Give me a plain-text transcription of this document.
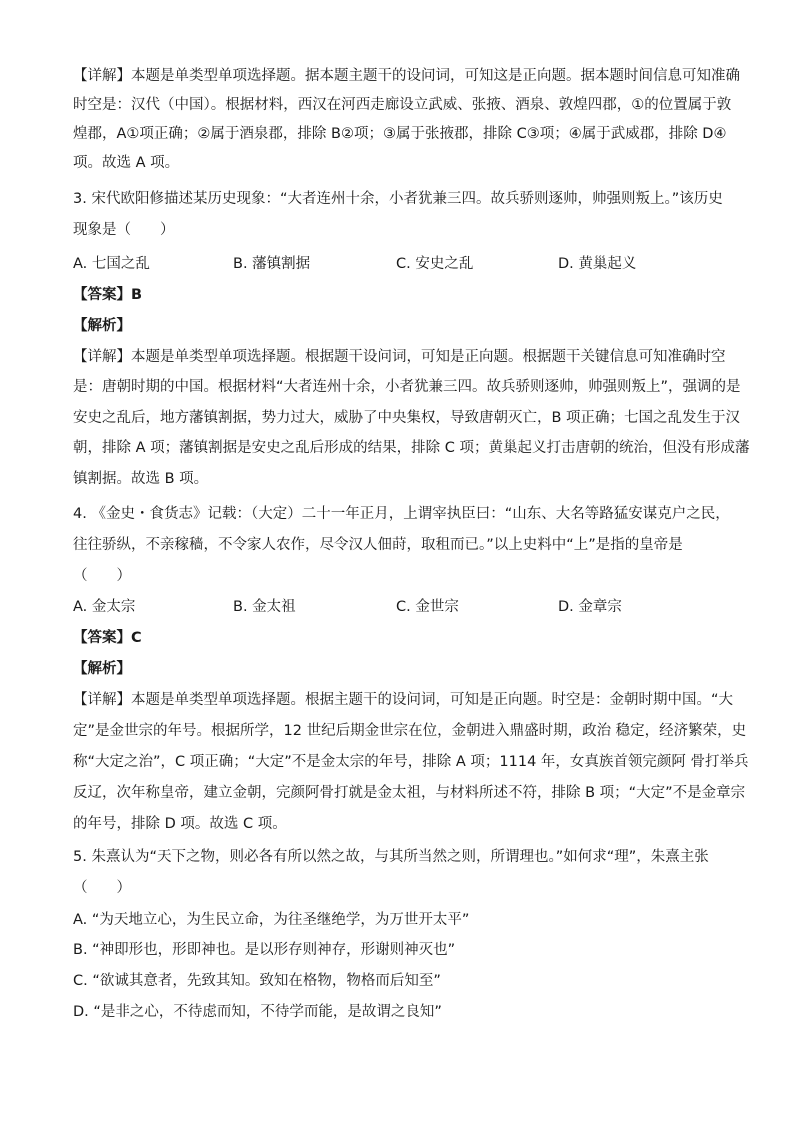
【详解】本题是单类型单项选择题。据本题主题干的设问词，可知这是正向题。据本题时间信息可知准确
时空是：汉代（中国）。根据材料，西汉在河西走廊设立武威、张掖、酒泉、敦煌四郡，①的位置属于敦
煌郡，A①项正确；②属于酒泉郡，排除 B②项；③属于张掖郡，排除 C③项；④属于武威郡，排除 D④
项。故选 A 项。
3. 宋代欧阳修描述某历史现象：“大者连州十余，小者犹兼三四。故兵骄则逐帅，帅强则叛上。”该历史
现象是（　　）
A. 七国之乱	B. 藩镇割据	C. 安史之乱	D. 黄巢起义
【答案】B
【解析】
【详解】本题是单类型单项选择题。根据题干设问词，可知是正向题。根据题干关键信息可知准确时空
是：唐朝时期的中国。根据材料“大者连州十余，小者犹兼三四。故兵骄则逐帅，帅强则叛上”，强调的是
安史之乱后，地方藩镇割据，势力过大，威胁了中央集权，导致唐朝灭亡，B 项正确；七国之乱发生于汉
朝，排除 A 项；藩镇割据是安史之乱后形成的结果，排除 C 项；黄巢起义打击唐朝的统治，但没有形成藩
镇割据。故选 B 项。
4. 《金史・食货志》记载：（大定）二十一年正月，上谓宰执臣曰：“山东、大名等路猛安谋克户之民，
往往骄纵，不亲稼穑，不令家人农作，尽令汉人佃莳，取租而已。”以上史料中“上”是指的皇帝是
（　　）
A. 金太宗	B. 金太祖	C. 金世宗	D. 金章宗
【答案】C
【解析】
【详解】本题是单类型单项选择题。根据主题干的设问词，可知是正向题。时空是：金朝时期中国。“大
定”是金世宗的年号。根据所学，12 世纪后期金世宗在位，金朝进入鼎盛时期，政治 稳定，经济繁荣，史
称“大定之治”，C 项正确；“大定”不是金太宗的年号，排除 A 项；1114 年，女真族首领完颜阿 骨打举兵
反辽，次年称皇帝，建立金朝，完颜阿骨打就是金太祖，与材料所述不符，排除 B 项；“大定”不是金章宗
的年号，排除 D 项。故选 C 项。
5. 朱熹认为“天下之物，则必各有所以然之故，与其所当然之则，所谓理也。”如何求“理”，朱熹主张
（　　）
A. “为天地立心，为生民立命，为往圣继绝学，为万世开太平”
B. “神即形也，形即神也。是以形存则神存，形谢则神灭也”
C. “欲诚其意者，先致其知。致知在格物，物格而后知至”
D. “是非之心，不待虑而知，不待学而能，是故谓之良知”
